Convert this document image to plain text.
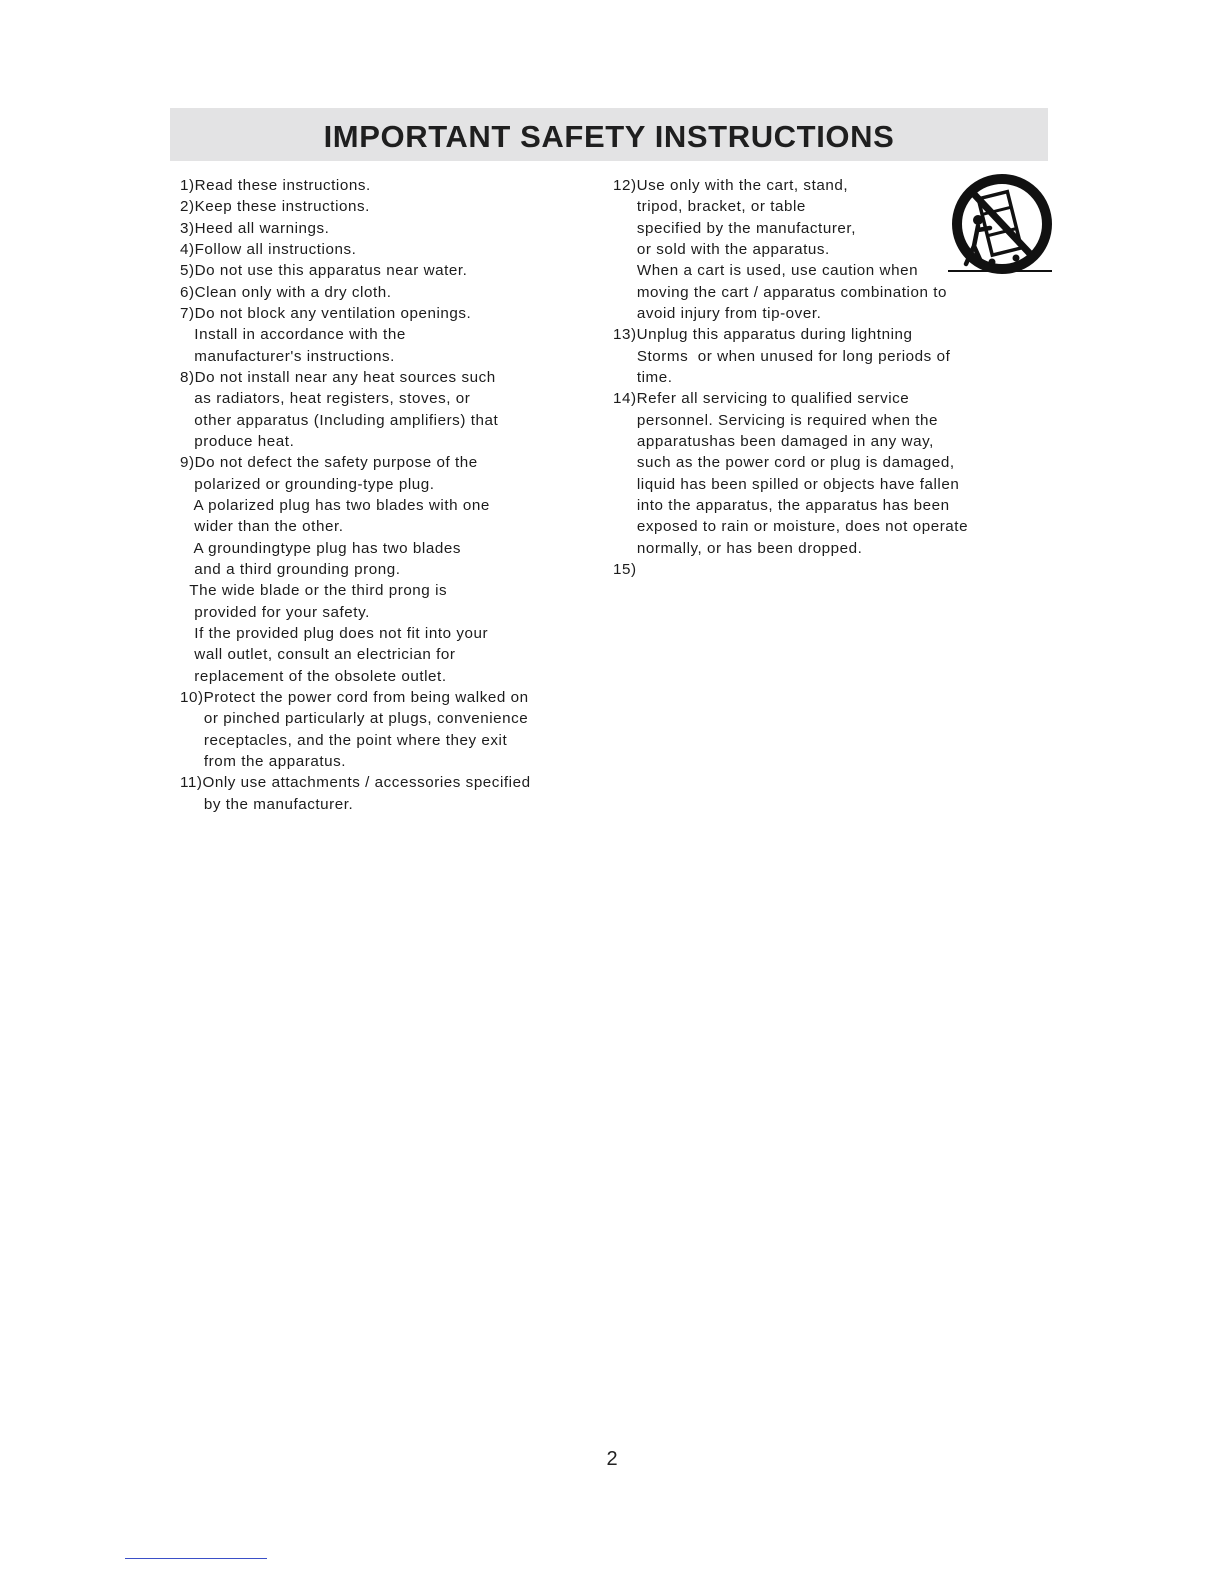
IMPORTANT SAFETY INSTRUCTIONS
1)Read these instructions.
2)Keep these instructions.
3)Heed all warnings.
4)Follow all instructions.
5)Do not use this apparatus near water.
6)Clean only with a dry cloth.
7)Do not block any ventilation openings.
Install in accordance with the
manufacturer's instructions.
8)Do not install near any heat sources such
as radiators, heat registers, stoves, or
other apparatus (Including amplifiers) that
produce heat.
9)Do not defect the safety purpose of the
polarized or grounding-type plug.
A polarized plug has two blades with one
wider than the other.
A groundingtype plug has two blades
and a third grounding prong.
The wide blade or the third prong is
provided for your safety.
If the provided plug does not fit into your
wall outlet, consult an electrician for
replacement of the obsolete outlet.
10)Protect the power cord from being walked on
or pinched particularly at plugs, convenience
receptacles, and the point where they exit
from the apparatus.
11)Only use attachments / accessories specified
by the manufacturer.
12)Use only with the cart, stand,
tripod, bracket, or table
specified by the manufacturer,
or sold with the apparatus.
When a cart is used, use caution when
moving the cart / apparatus combination to
avoid injury from tip-over.
13)Unplug this apparatus during lightning
Storms  or when unused for long periods of
time.
14)Refer all servicing to qualified service
personnel. Servicing is required when the
apparatushas been damaged in any way,
such as the power cord or plug is damaged,
liquid has been spilled or objects have fallen
into the apparatus, the apparatus has been
exposed to rain or moisture, does not operate
normally, or has been dropped.
15)
2
